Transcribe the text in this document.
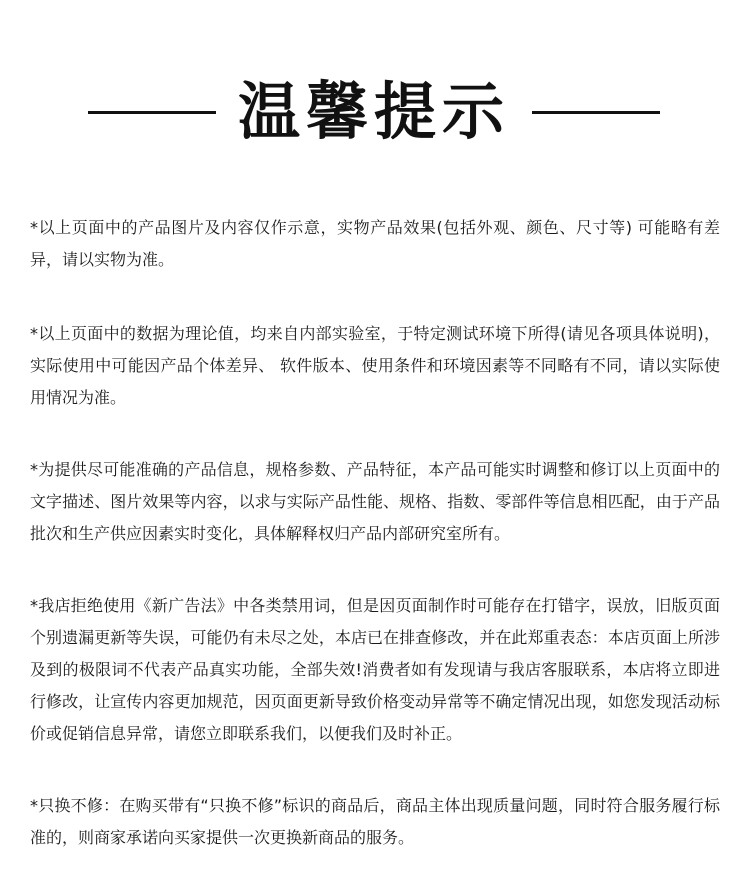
温馨提示

*以上页面中的产品图片及内容仅作示意，实物产品效果(包括外观、颜色、尺寸等) 可能略有差异，请以实物为准。

*以上页面中的数据为理论值，均来自内部实验室，于特定测试环境下所得(请见各项具体说明)，实际使用中可能因产品个体差异、 软件版本、使用条件和环境因素等不同略有不同，请以实际使用情况为准。

*为提供尽可能准确的产品信息，规格参数、产品特征，本产品可能实时调整和修订以上页面中的文字描述、图片效果等内容，以求与实际产品性能、规格、指数、零部件等信息相匹配，由于产品批次和生产供应因素实时变化，具体解释权归产品内部研究室所有。

*我店拒绝使用《新广告法》中各类禁用词，但是因页面制作时可能存在打错字，误放，旧版页面个别遗漏更新等失误，可能仍有未尽之处，本店已在排查修改，并在此郑重表态：本店页面上所涉及到的极限词不代表产品真实功能，全部失效!消费者如有发现请与我店客服联系，本店将立即进行修改，让宣传内容更加规范，因页面更新导致价格变动异常等不确定情况出现，如您发现活动标价或促销信息异常，请您立即联系我们，以便我们及时补正。

*只换不修：在购买带有“只换不修”标识的商品后，商品主体出现质量问题，同时符合服务履行标准的，则商家承诺向买家提供一次更换新商品的服务。
